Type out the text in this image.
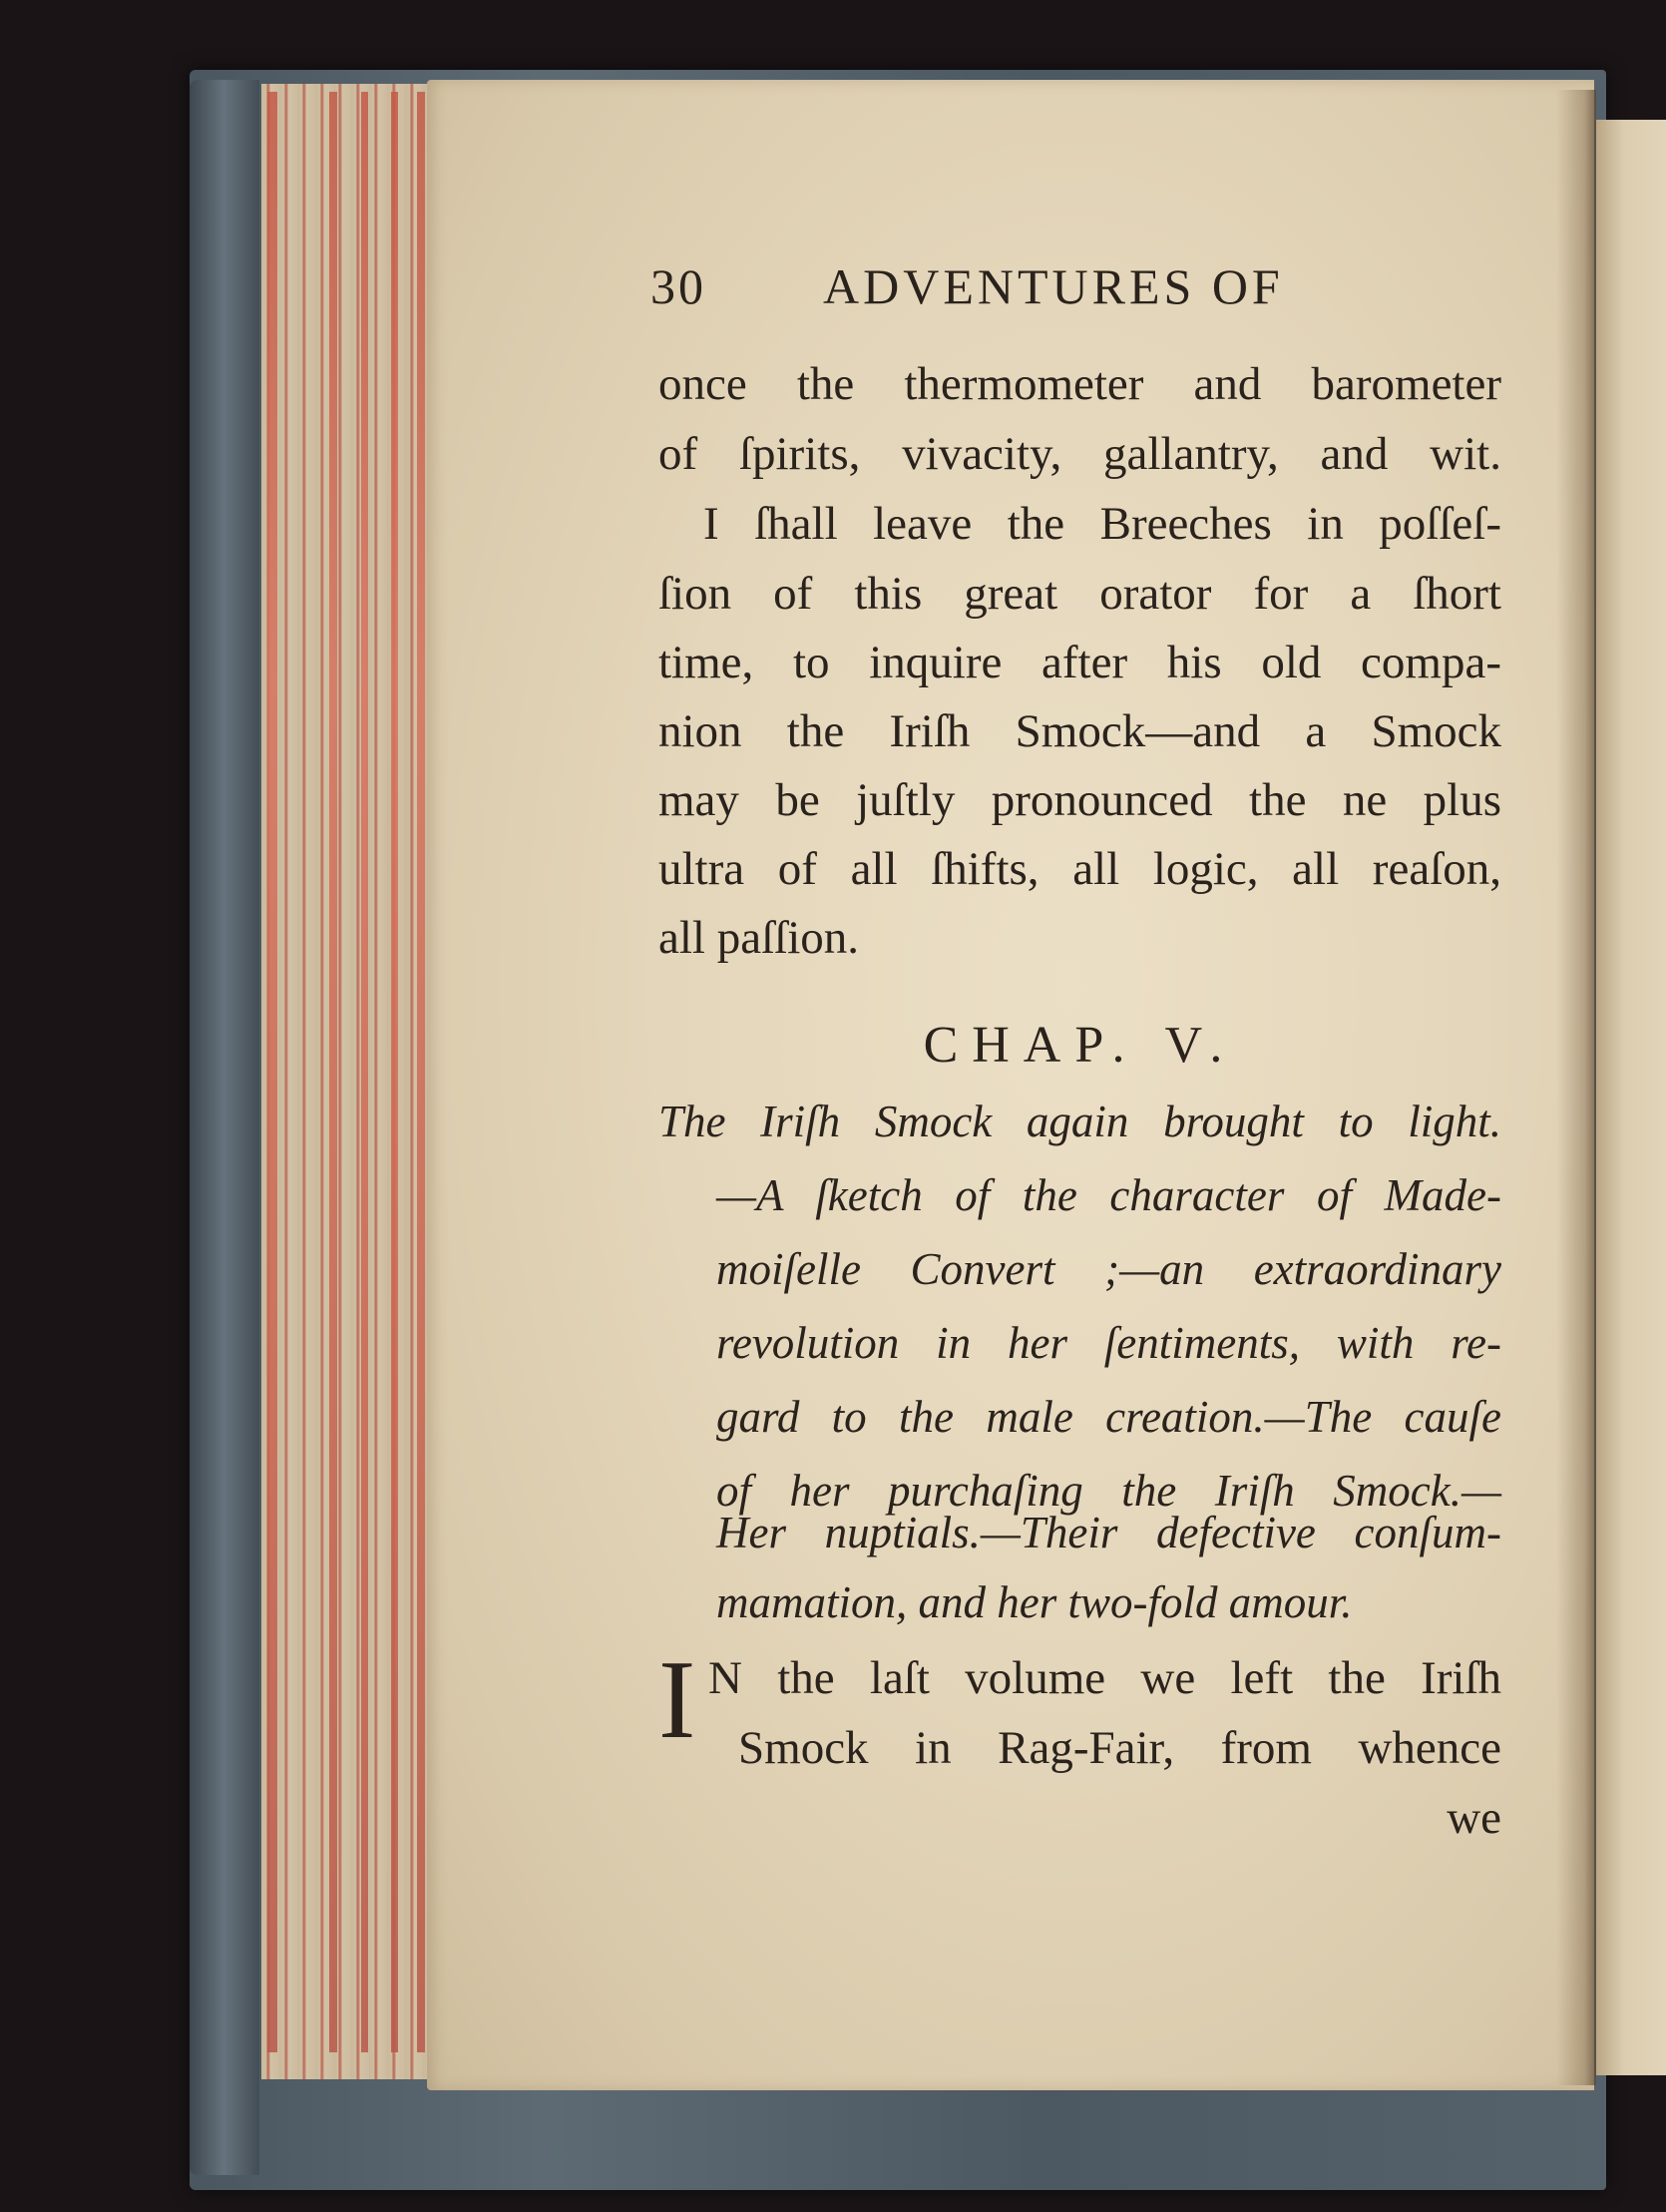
30 ADVENTURES OF
once the thermometer and barometer
of ſpirits, vivacity, gallantry, and wit.
I ſhall leave the Breeches in poſſeſ-
ſion of this great orator for a ſhort
time, to inquire after his old compa-
nion the Iriſh Smock—and a Smock
may be juſtly pronounced the ne plus
ultra of all ſhifts, all logic, all reaſon,
all paſſion.
CHAP. V.
The Iriſh Smock again brought to light.
—A ſketch of the character of Made-
moiſelle Convert ;—an extraordinary
revolution in her ſentiments, with re-
gard to the male creation.—The cauſe
of her purchaſing the Iriſh Smock.—
Her nuptials.—Their defective conſum-
mamation, and her two-fold amour.
I N the laſt volume we left the Iriſh
Smock in Rag-Fair, from whence
we
